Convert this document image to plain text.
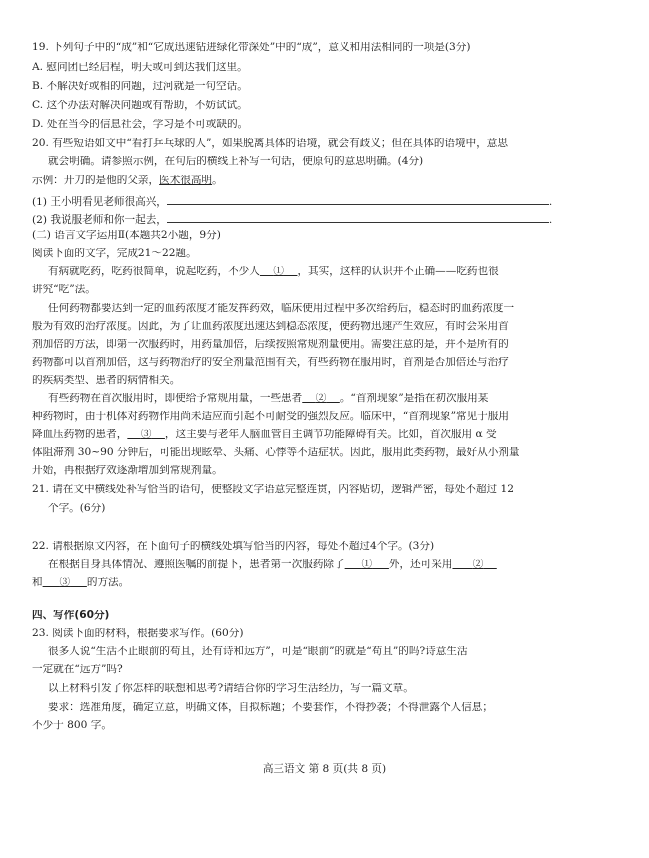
19. 下列句子中的“成”和“它成迅速钻进绿化带深处”中的“成”，意义和用法相同的一项是(3分)
A. 慰问团已经启程，明天或可到达我们这里。
B. 不解决好或相的问题，过河就是一句空话。
C. 这个办法对解决问题或有帮助，不妨试试。
D. 处在当今的信息社会，学习是不可或缺的。
20. 有些短语如文中“看打乒乓球的人”，如果脱离具体的语境，就会有歧义；但在具体的语境中，意思
就会明确。请参照示例，在句后的横线上补写一句话，使原句的意思明确。(4分)
示例：开刀的是他的父亲，医术很高明。
(1) 王小明看见老师很高兴，	.
(2) 我说服老师和你一起去，	.
(二) 语言文字运用Ⅱ(本题共2小题，9分)
阅读下面的文字，完成21～22题。
有病就吃药，吃药很简单，说起吃药，不少人 ① ，其实，这样的认识并不正确——吃药也很
讲究“吃”法。
任何药物都要达到一定的血药浓度才能发挥药效，临床使用过程中多次给药后，稳态时的血药浓度一
般为有效的治疗浓度。因此，为了让血药浓度迅速达到稳态浓度，使药物迅速产生效应，有时会采用首
剂加倍的方法，即第一次服药时，用药量加倍，后续按照常规剂量使用。需要注意的是，并不是所有的
药物都可以首剂加倍，这与药物治疗的安全剂量范围有关，有些药物在服用时，首剂是否加倍还与治疗
的疾病类型、患者的病情相关。
有些药物在首次服用时，即使给予常规用量，一些患者 ② 。“首剂现象”是指在初次服用某
种药物时，由于机体对药物作用尚未适应而引起不可耐受的强烈反应。临床中，“首剂现象”常见于服用
降血压药物的患者， ③ ，这主要与老年人脑血管自主调节功能障碍有关。比如，首次服用 α 受
体阻滞剂 30~90 分钟后，可能出现眩晕、头痛、心悸等不适症状。因此，服用此类药物，最好从小剂量
开始，再根据疗效逐渐增加到常规剂量。
21. 请在文中横线处补写恰当的语句，使整段文字语意完整连贯，内容贴切，逻辑严密，每处不超过 12
个字。(6分)
22. 请根据原文内容，在下面句子的横线处填写恰当的内容，每处不超过4个字。(3分)
在根据自身具体情况、遵照医嘱的前提下，患者第一次服药除了 ① 外，还可采用 ②
和 ③ 的方法。
四、写作(60分)
23. 阅读下面的材料，根据要求写作。(60分)
很多人说“生活不止眼前的苟且，还有诗和远方”，可是“眼前”的就是“苟且”的吗?诗意生活
一定就在“远方”吗?
以上材料引发了你怎样的联想和思考?请结合你的学习生活经历，写一篇文章。
要求：选准角度，确定立意，明确文体，自拟标题；不要套作，不得抄袭；不得泄露个人信息；
不少于 800 字。
高三语文 第 8 页(共 8 页)
